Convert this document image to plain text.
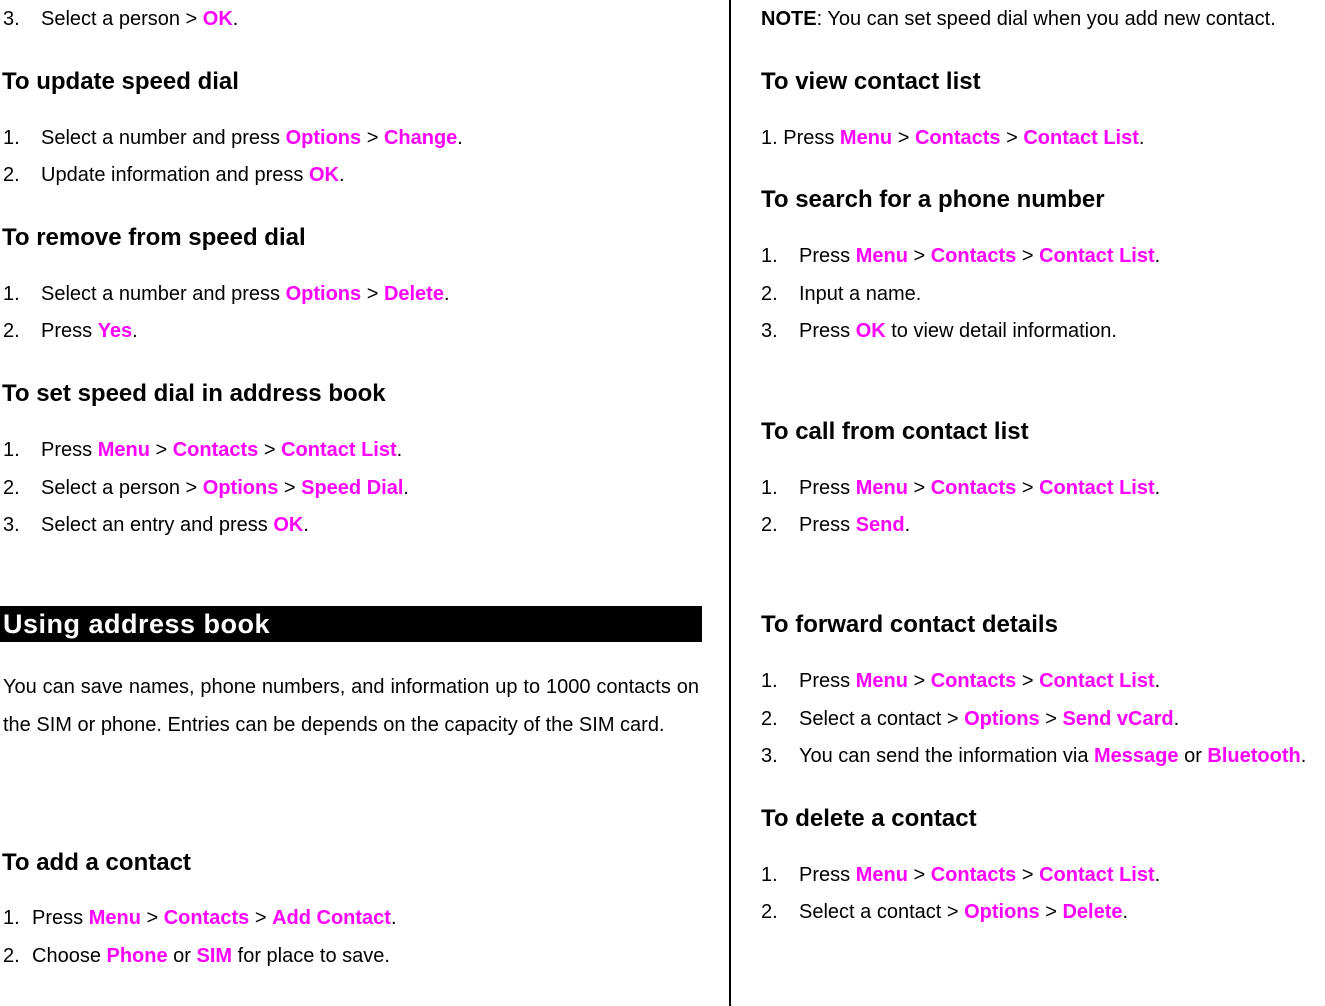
3. Select a person > OK.
To update speed dial
1. Select a number and press Options > Change.
2. Update information and press OK.
To remove from speed dial
1. Select a number and press Options > Delete.
2. Press Yes.
To set speed dial in address book
1. Press Menu > Contacts > Contact List.
2. Select a person > Options > Speed Dial.
3. Select an entry and press OK.
Using address book
You can save names, phone numbers, and information up to 1000 contacts on the SIM or phone. Entries can be depends on the capacity of the SIM card.
To add a contact
1. Press Menu > Contacts > Add Contact.
2. Choose Phone or SIM for place to save.
NOTE: You can set speed dial when you add new contact.
To view contact list
1. Press Menu > Contacts > Contact List.
To search for a phone number
1. Press Menu > Contacts > Contact List.
2. Input a name.
3. Press OK to view detail information.
To call from contact list
1. Press Menu > Contacts > Contact List.
2. Press Send.
To forward contact details
1. Press Menu > Contacts > Contact List.
2. Select a contact > Options > Send vCard.
3. You can send the information via Message or Bluetooth.
To delete a contact
1. Press Menu > Contacts > Contact List.
2. Select a contact > Options > Delete.
